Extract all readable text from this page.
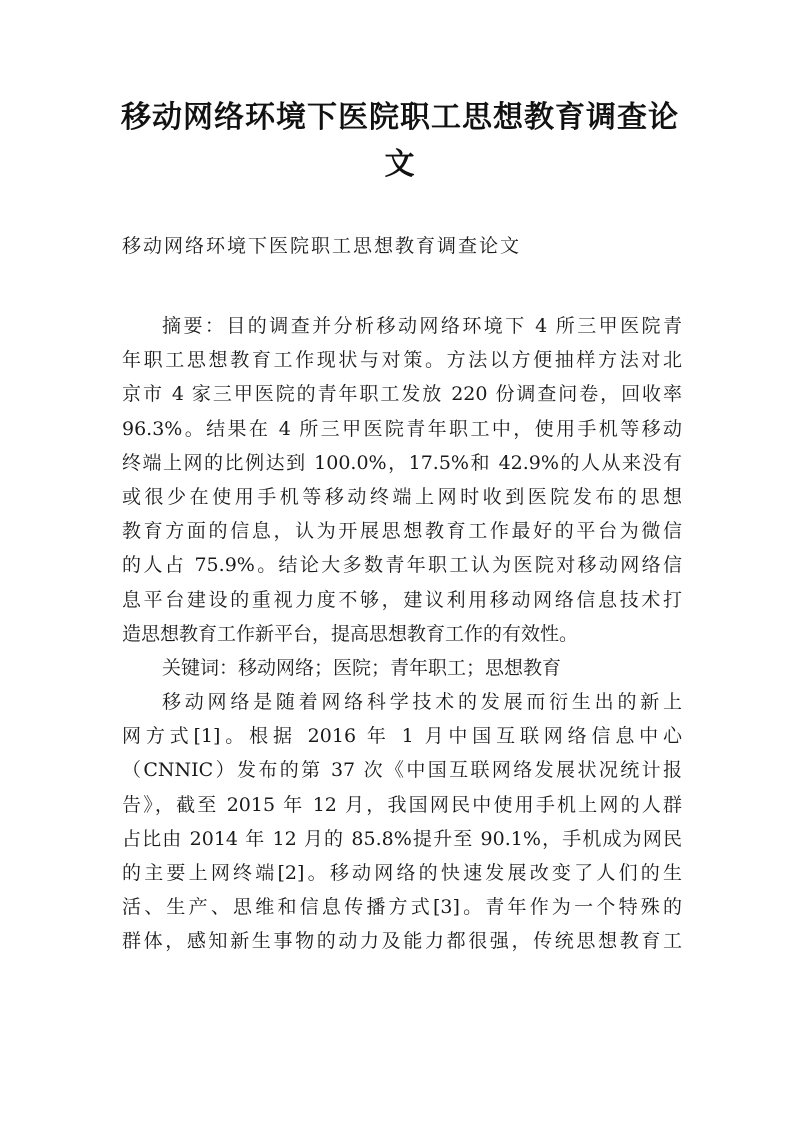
移动网络环境下医院职工思想教育调查论
文

移动网络环境下医院职工思想教育调查论文

摘要：目的调查并分析移动网络环境下 4 所三甲医院青
年职工思想教育工作现状与对策。方法以方便抽样方法对北
京市 4 家三甲医院的青年职工发放 220 份调查问卷，回收率
96.3%。结果在 4 所三甲医院青年职工中，使用手机等移动
终端上网的比例达到 100.0%，17.5%和 42.9%的人从来没有
或很少在使用手机等移动终端上网时收到医院发布的思想
教育方面的信息，认为开展思想教育工作最好的平台为微信
的人占 75.9%。结论大多数青年职工认为医院对移动网络信
息平台建设的重视力度不够，建议利用移动网络信息技术打
造思想教育工作新平台，提高思想教育工作的有效性。
关键词：移动网络；医院；青年职工；思想教育
移动网络是随着网络科学技术的发展而衍生出的新上
网方式[1]。根据 2016 年 1 月中国互联网络信息中心
（CNNIC）发布的第 37 次《中国互联网络发展状况统计报
告》，截至 2015 年 12 月，我国网民中使用手机上网的人群
占比由 2014 年 12 月的 85.8%提升至 90.1%，手机成为网民
的主要上网终端[2]。移动网络的快速发展改变了人们的生
活、生产、思维和信息传播方式[3]。青年作为一个特殊的
群体，感知新生事物的动力及能力都很强，传统思想教育工
